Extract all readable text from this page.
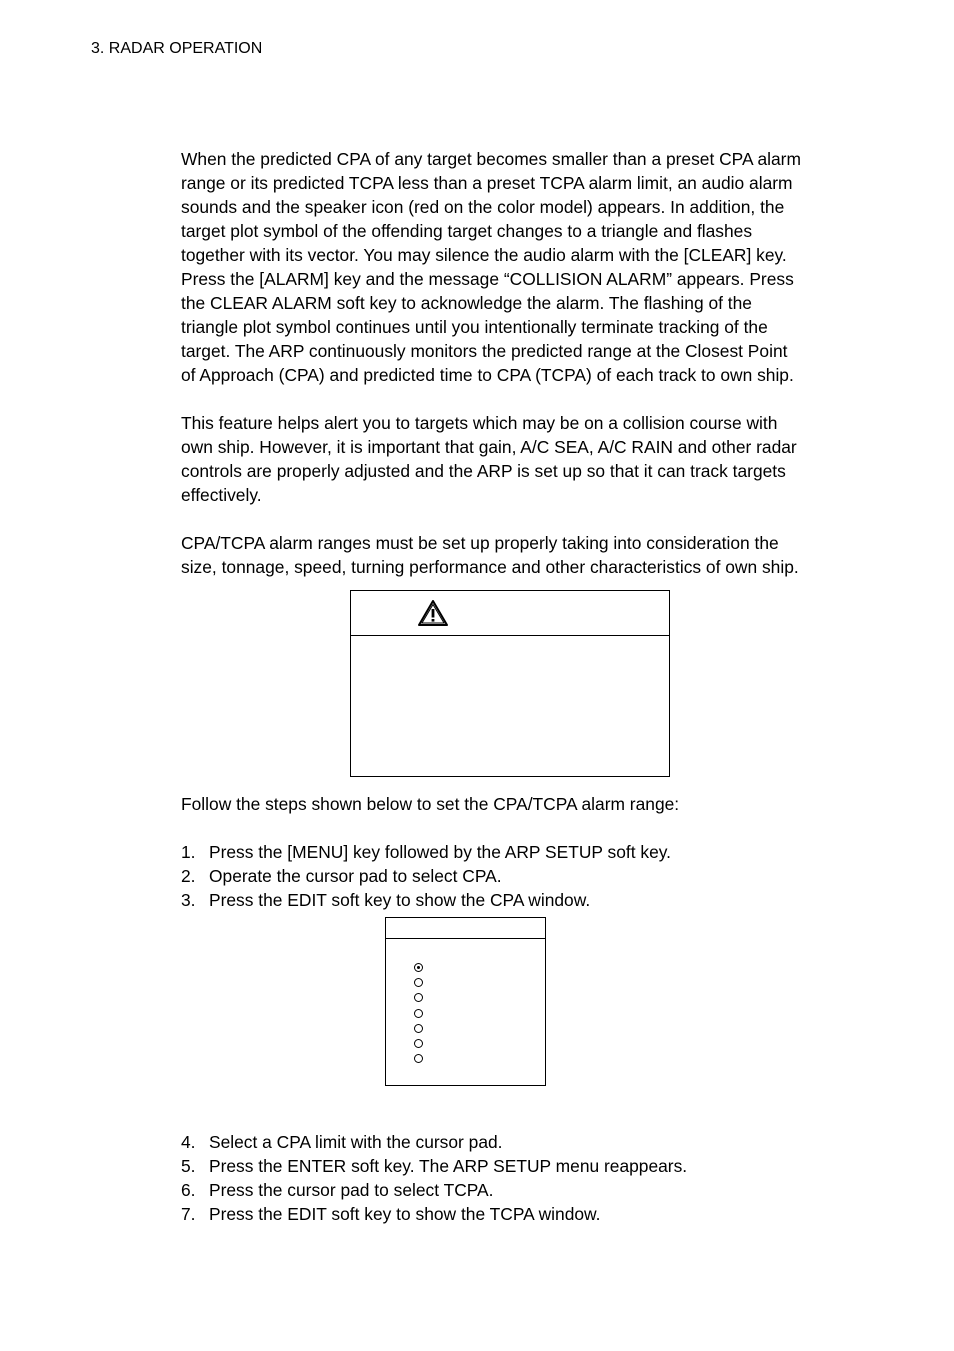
3. RADAR OPERATION

When the predicted CPA of any target becomes smaller than a preset CPA alarm
range or its predicted TCPA less than a preset TCPA alarm limit, an audio alarm
sounds and the speaker icon (red on the color model) appears. In addition, the
target plot symbol of the offending target changes to a triangle and flashes
together with its vector. You may silence the audio alarm with the [CLEAR] key.
Press the [ALARM] key and the message “COLLISION ALARM” appears. Press
the CLEAR ALARM soft key to acknowledge the alarm. The flashing of the
triangle plot symbol continues until you intentionally terminate tracking of the
target. The ARP continuously monitors the predicted range at the Closest Point
of Approach (CPA) and predicted time to CPA (TCPA) of each track to own ship.

This feature helps alert you to targets which may be on a collision course with
own ship. However, it is important that gain, A/C SEA, A/C RAIN and other radar
controls are properly adjusted and the ARP is set up so that it can track targets
effectively.

CPA/TCPA alarm ranges must be set up properly taking into consideration the
size, tonnage, speed, turning performance and other characteristics of own ship.

Follow the steps shown below to set the CPA/TCPA alarm range:
1. Press the [MENU] key followed by the ARP SETUP soft key.
2. Operate the cursor pad to select CPA.
3. Press the EDIT soft key to show the CPA window.
4. Select a CPA limit with the cursor pad.
5. Press the ENTER soft key. The ARP SETUP menu reappears.
6. Press the cursor pad to select TCPA.
7. Press the EDIT soft key to show the TCPA window.
